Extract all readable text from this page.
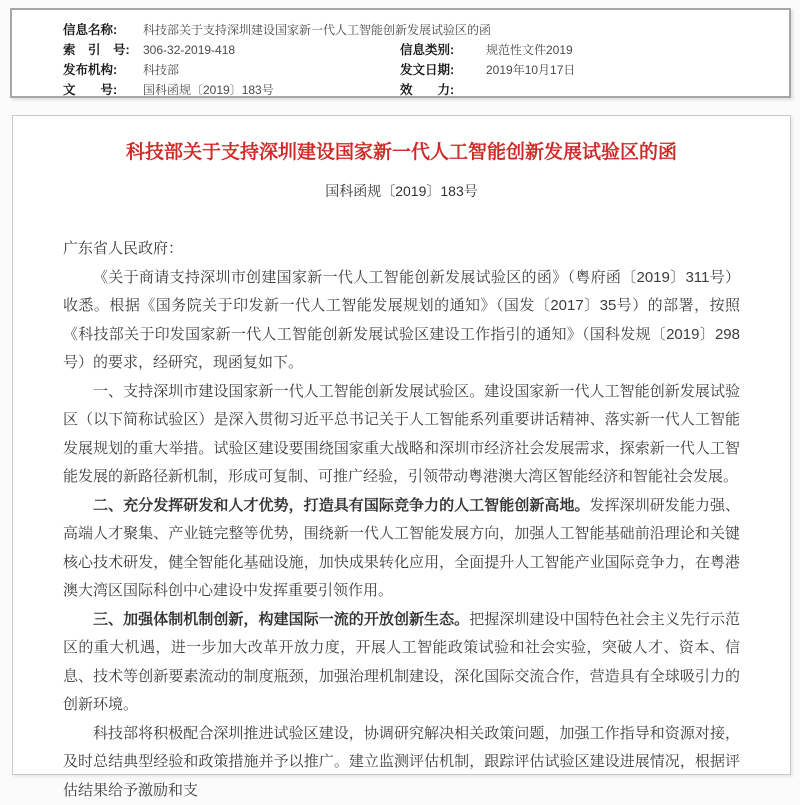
信息名称:	科技部关于支持深圳建设国家新一代人工智能创新发展试验区的函
索　引　号:	306-32-2019-418	信息类别:	规范性文件2019
发布机构:	科技部	发文日期:	2019年10月17日
文　　号:	国科函规〔2019〕183号	效　　力:
科技部关于支持深圳建设国家新一代人工智能创新发展试验区的函
国科函规〔2019〕183号

广东省人民政府：

《关于商请支持深圳市创建国家新一代人工智能创新发展试验区的函》（粤府函〔2019〕311号）收悉。根据《国务院关于印发新一代人工智能发展规划的通知》（国发〔2017〕35号）的部署，按照《科技部关于印发国家新一代人工智能创新发展试验区建设工作指引的通知》（国科发规〔2019〕298号）的要求，经研究，现函复如下。

一、支持深圳市建设国家新一代人工智能创新发展试验区。建设国家新一代人工智能创新发展试验区（以下简称试验区）是深入贯彻习近平总书记关于人工智能系列重要讲话精神、落实新一代人工智能发展规划的重大举措。试验区建设要围绕国家重大战略和深圳市经济社会发展需求，探索新一代人工智能发展的新路径新机制，形成可复制、可推广经验，引领带动粤港澳大湾区智能经济和智能社会发展。

二、充分发挥研发和人才优势，打造具有国际竞争力的人工智能创新高地。发挥深圳研发能力强、高端人才聚集、产业链完整等优势，围绕新一代人工智能发展方向，加强人工智能基础前沿理论和关键核心技术研发，健全智能化基础设施，加快成果转化应用，全面提升人工智能产业国际竞争力，在粤港澳大湾区国际科创中心建设中发挥重要引领作用。

三、加强体制机制创新，构建国际一流的开放创新生态。把握深圳建设中国特色社会主义先行示范区的重大机遇，进一步加大改革开放力度，开展人工智能政策试验和社会实验，突破人才、资本、信息、技术等创新要素流动的制度瓶颈，加强治理机制建设，深化国际交流合作，营造具有全球吸引力的创新环境。

科技部将积极配合深圳推进试验区建设，协调研究解决相关政策问题，加强工作指导和资源对接，及时总结典型经验和政策措施并予以推广。建立监测评估机制，跟踪评估试验区建设进展情况，根据评估结果给予激励和支
